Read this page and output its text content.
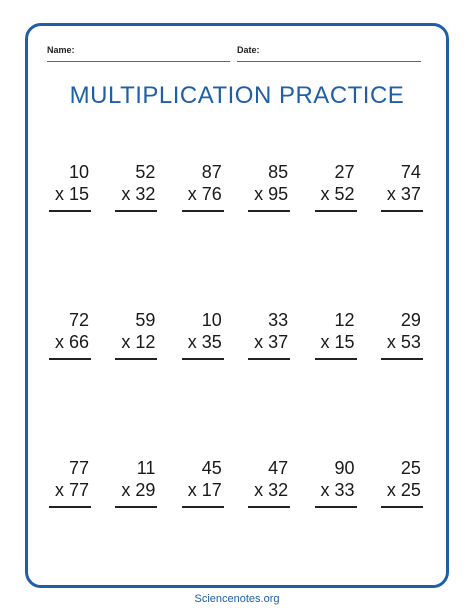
Name:	Date:
MULTIPLICATION PRACTICE
10
x 15
52
x 32
87
x 76
85
x 95
27
x 52
74
x 37
72
x 66
59
x 12
10
x 35
33
x 37
12
x 15
29
x 53
77
x 77
11
x 29
45
x 17
47
x 32
90
x 33
25
x 25
Sciencenotes.org
